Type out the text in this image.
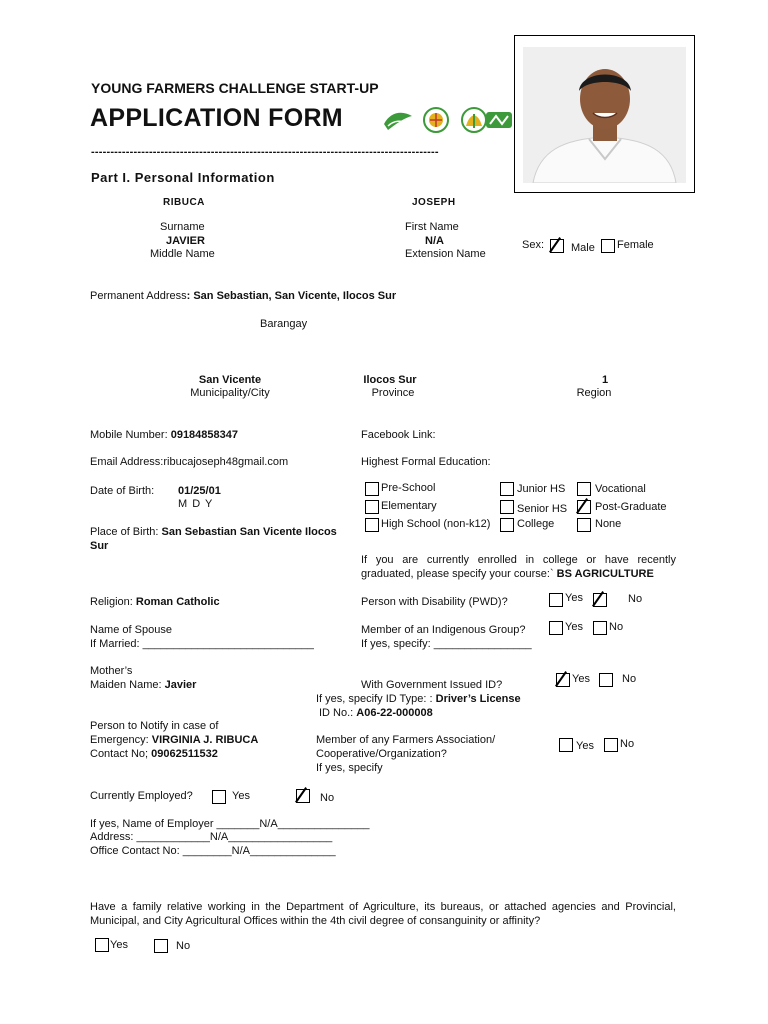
YOUNG FARMERS CHALLENGE START-UP
APPLICATION FORM
------------------------------------------------------------------------------------------
Part I. Personal Information
RIBUCA	JOSEPH
Surname	First Name
JAVIER	N/A
Middle Name	Extension Name
Sex: Male Female
Permanent Address: San Sebastian, San Vicente, Ilocos Sur
Barangay
San Vicente
Municipality/City
Ilocos Sur
Province
1
Region
Mobile Number: 09184858347	Facebook Link:
Email Address:ribucajoseph48gmail.com	Highest Formal Education:
Date of Birth: 01/25/01
M D Y
Pre-School
Elementary
High School (non-k12)
Junior HS
Senior HS
College
Vocational
Post-Graduate
None
Place of Birth: San Sebastian San Vicente Ilocos
Sur
If you are currently enrolled in college or have recently graduated, please specify your course:` BS AGRICULTURE
Religion: Roman Catholic	Person with Disability (PWD)?	Yes	No
Name of Spouse
If Married: ____________________________
Member of an Indigenous Group?
If yes, specify: ________________
Yes No
Mother’s
Maiden Name: Javier	With Government Issued ID?	Yes	No
If yes, specify ID Type: : Driver’s License
ID No.: A06-22-000008
Person to Notify in case of
Emergency: VIRGINIA J. RIBUCA
Contact No; 09062511532
Member of any Farmers Association/
Cooperative/Organization?
If yes, specify
Yes No
Currently Employed?	Yes	No
If yes, Name of Employer _______N/A_______________
Address: ____________N/A_________________
Office Contact No: ________N/A______________
Have a family relative working in the Department of Agriculture, its bureaus, or attached agencies and Provincial, Municipal, and City Agricultural Offices within the 4th civil degree of consanguinity or affinity?
Yes	No
